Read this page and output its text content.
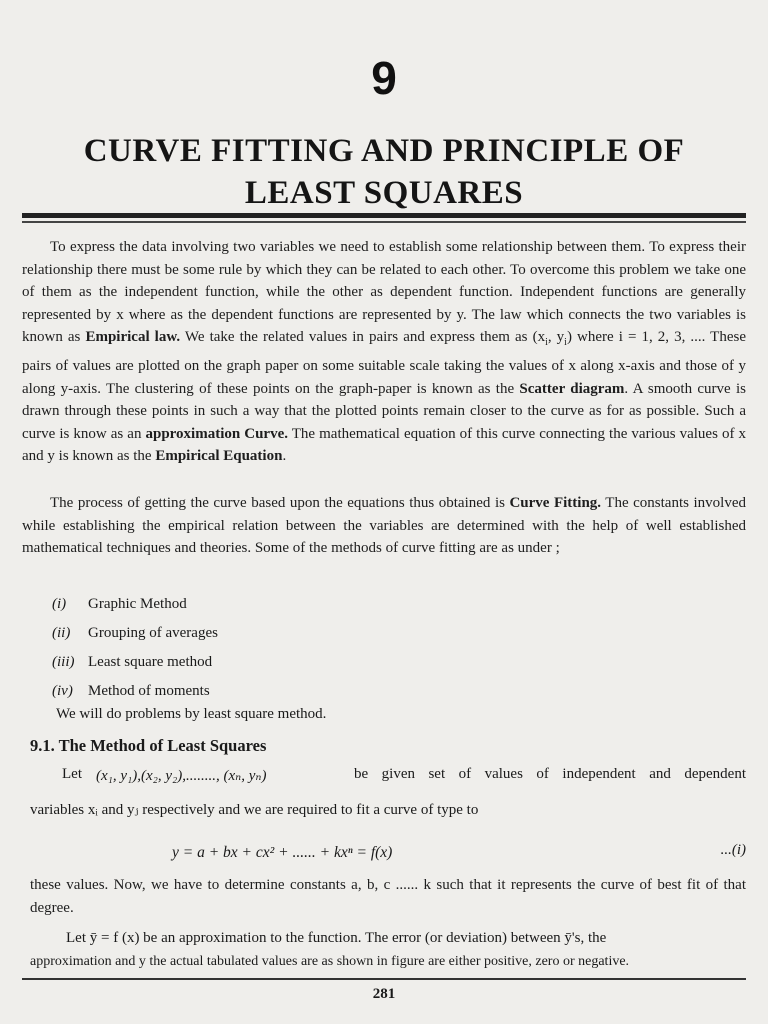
9
CURVE FITTING AND PRINCIPLE OF
LEAST SQUARES
To express the data involving two variables we need to establish some relationship between them. To express their relationship there must be some rule by which they can be related to each other. To overcome this problem we take one of them as the independent function, while the other as dependent function. Independent functions are generally represented by x where as the dependent functions are represented by y. The law which connects the two variables is known as Empirical law. We take the related values in pairs and express them as ($x_i$, $y_i$) where i = 1, 2, 3, .... These pairs of values are plotted on the graph paper on some suitable scale taking the values of x along x-axis and those of y along y-axis. The clustering of these points on the graph-paper is known as the Scatter diagram. A smooth curve is drawn through these points in such a way that the plotted points remain closer to the curve as for as possible. Such a curve is know as an approximation Curve. The mathematical equation of this curve connecting the various values of x and y is known as the Empirical Equation.
The process of getting the curve based upon the equations thus obtained is Curve Fitting. The constants involved while establishing the empirical relation between the variables are determined with the help of well established mathematical techniques and theories. Some of the methods of curve fitting are as under ;
(i) Graphic Method
(ii) Grouping of averages
(iii) Least square method
(iv) Method of moments
We will do problems by least square method.
9.1. The Method of Least Squares
Let (x₁, y₁),(x₂, y₂),........, (xₙ, yₙ)	be given set of values of independent and dependent
variables xᵢ and yⱼ respectively and we are required to fit a curve of type to
y = a + bx + cx² + ...... + kxⁿ = f(x)	...(i)
these values. Now, we have to determine constants a, b, c ...... k such that it represents the curve of best fit of that degree.
Let ȳ = f (x) be an approximation to the function. The error (or deviation) between ȳ's, the
approximation and y the actual tabulated values are as shown in figure are either positive, zero or negative.
281
